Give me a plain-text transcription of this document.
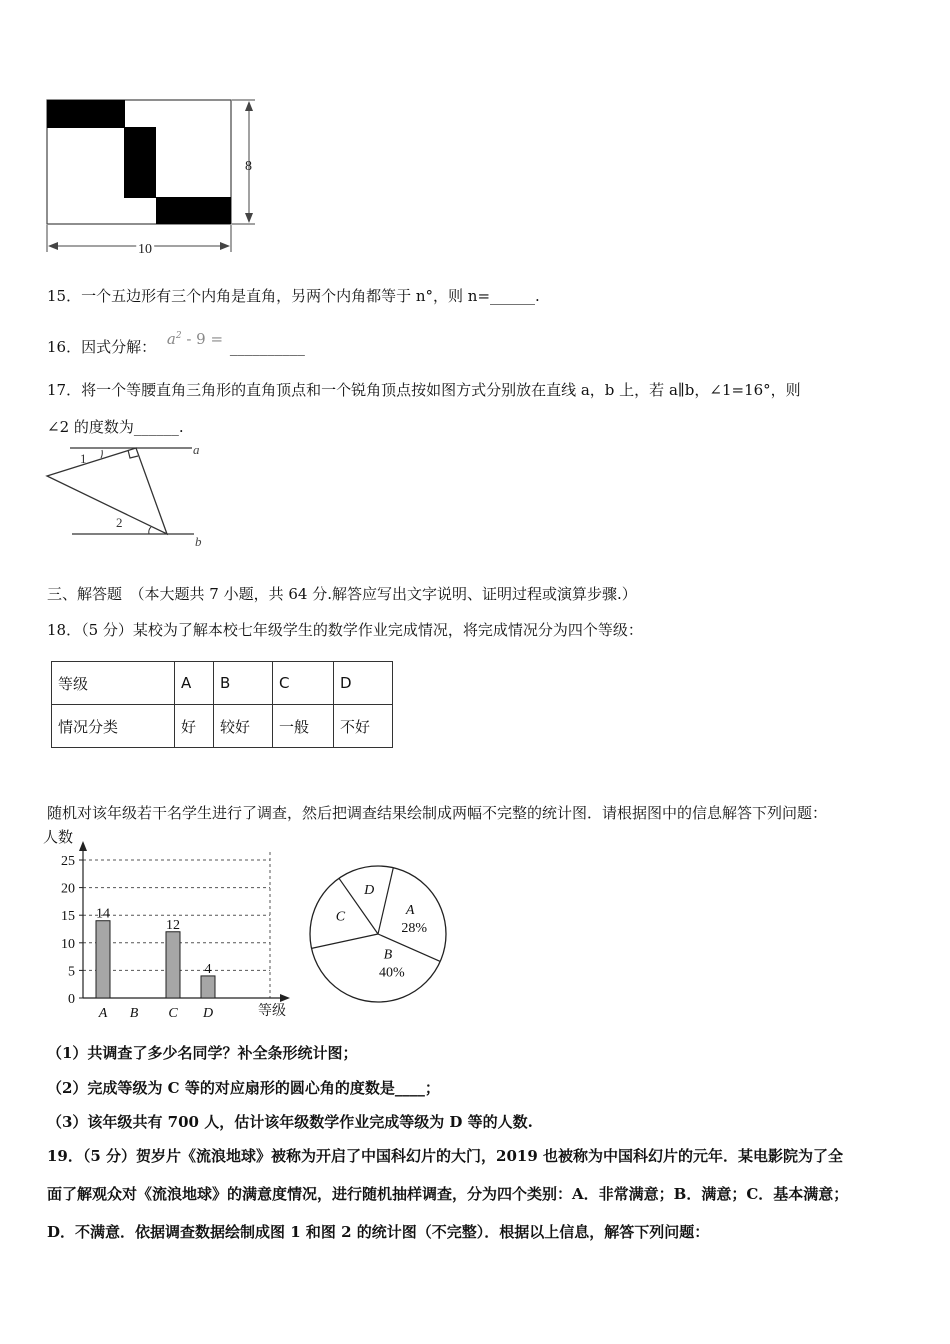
8
10
15．一个五边形有三个内角是直角，另两个内角都等于 n°，则 n=______.
16．因式分解： $a^2 - 9$ = __________
17．将一个等腰直角三角形的直角顶点和一个锐角顶点按如图方式分别放在直线 a，b 上，若 a∥b，∠1=16°，则
∠2 的度数为______.
a
b
1
2
三、解答题　（本大题共 7 小题，共 64 分.解答应写出文字说明、证明过程或演算步骤.）
18．（5 分）某校为了解本校七年级学生的数学作业完成情况，将完成情况分为四个等级：
等级	A	B	C	D
情况分类	好	较好	一般	不好
随机对该年级若干名学生进行了调查，然后把调查结果绘制成两幅不完整的统计图．请根据图中的信息解答下列问题：
人数
等级
0
5
10
15
20
25
14
A B
12
C
4
D
A
28%
B
40%
C
D
（1）共调查了多少名同学？补全条形统计图；
（2）完成等级为 C 等的对应扇形的圆心角的度数是____；
（3）该年级共有 700 人，估计该年级数学作业完成等级为 D 等的人数.
19．（5 分）贺岁片《流浪地球》被称为开启了中国科幻片的大门，2019 也被称为中国科幻片的元年．某电影院为了全
面了解观众对《流浪地球》的满意度情况，进行随机抽样调查，分为四个类别：A．非常满意；B．满意；C．基本满意；
D．不满意．依据调查数据绘制成图 1 和图 2 的统计图（不完整）．根据以上信息，解答下列问题：
